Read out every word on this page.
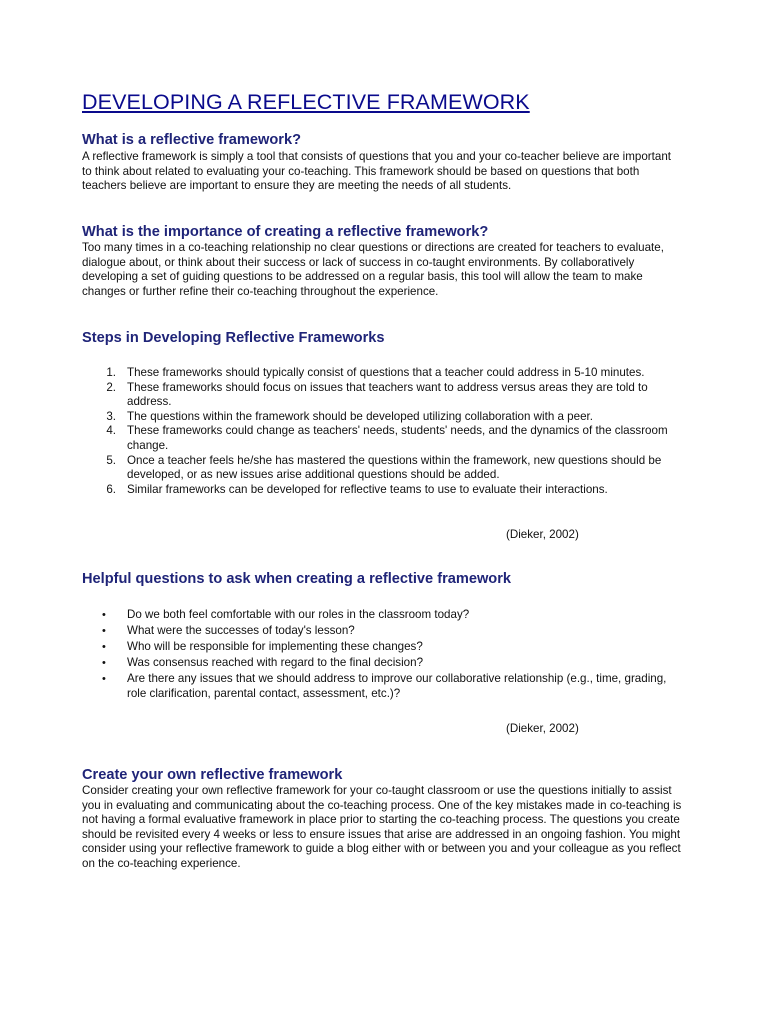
DEVELOPING A REFLECTIVE FRAMEWORK
What is a reflective framework?

A reflective framework is simply a tool that consists of questions that you and your co-teacher believe are important to think about related to evaluating your co-teaching. This framework should be based on questions that both teachers believe are important to ensure they are meeting the needs of all students.

What is the importance of creating a reflective framework?

Too many times in a co-teaching relationship no clear questions or directions are created for teachers to evaluate, dialogue about, or think about their success or lack of success in co-taught environments. By collaboratively developing a set of guiding questions to be addressed on a regular basis, this tool will allow the team to make changes or further refine their co-teaching throughout the experience.

Steps in Developing Reflective Frameworks
1. These frameworks should typically consist of questions that a teacher could address in 5-10 minutes.
2. These frameworks should focus on issues that teachers want to address versus areas they are told to address.
3. The questions within the framework should be developed utilizing collaboration with a peer.
4. These frameworks could change as teachers' needs, students' needs, and the dynamics of the classroom change.
5. Once a teacher feels he/she has mastered the questions within the framework, new questions should be developed, or as new issues arise additional questions should be added.
6. Similar frameworks can be developed for reflective teams to use to evaluate their interactions.

(Dieker, 2002)

Helpful questions to ask when creating a reflective framework
•	Do we both feel comfortable with our roles in the classroom today?
•	What were the successes of today's lesson?
•	Who will be responsible for implementing these changes?
•	Was consensus reached with regard to the final decision?
•	Are there any issues that we should address to improve our collaborative relationship (e.g., time, grading, role clarification, parental contact, assessment, etc.)?

(Dieker, 2002)

Create your own reflective framework

Consider creating your own reflective framework for your co-taught classroom or use the questions initially to assist you in evaluating and communicating about the co-teaching process. One of the key mistakes made in co-teaching is not having a formal evaluative framework in place prior to starting the co-teaching process. The questions you create should be revisited every 4 weeks or less to ensure issues that arise are addressed in an ongoing fashion. You might consider using your reflective framework to guide a blog either with or between you and your colleague as you reflect on the co-teaching experience.
